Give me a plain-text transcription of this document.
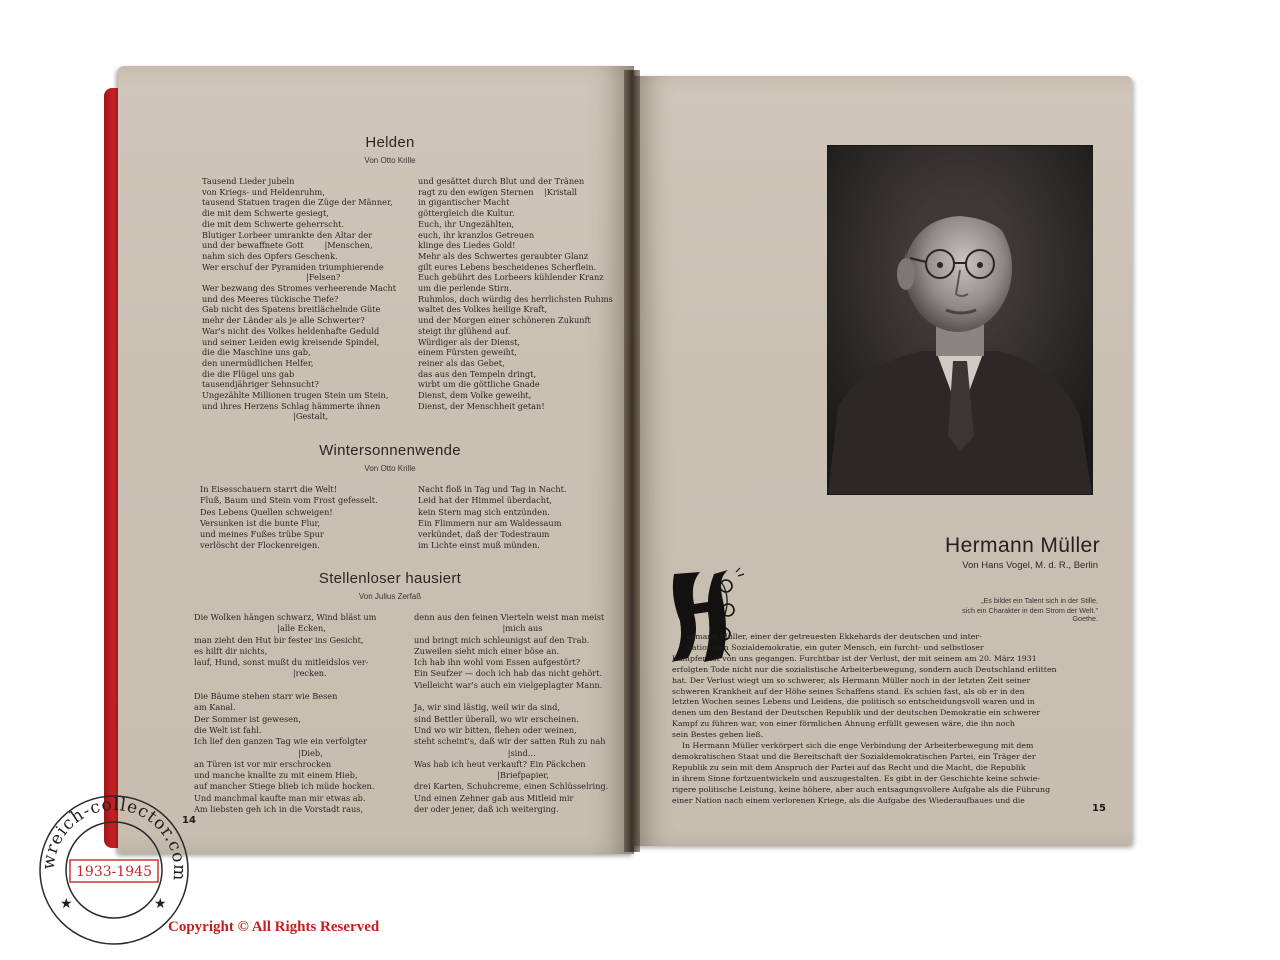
Helden
Von Otto Krille
Tausend Lieder jubeln
von Kriegs- und Heldenruhm,
tausend Statuen tragen die Züge der Männer,
die mit dem Schwerte gesiegt,
die mit dem Schwerte geherrscht.
Blutiger Lorbeer umrankte den Altar der
und der bewaffnete Gott        |Menschen,
nahm sich des Opfers Geschenk.
Wer erschuf der Pyramiden triumphierende
|Felsen?
Wer bezwang des Stromes verheerende Macht
und des Meeres tückische Tiefe?
Gab nicht des Spatens breitlächelnde Güte
mehr der Länder als je alle Schwerter?
War's nicht des Volkes heldenhafte Geduld
und seiner Leiden ewig kreisende Spindel,
die die Maschine uns gab,
den unermüdlichen Helfer,
die die Flügel uns gab
tausendjähriger Sehnsucht?
Ungezählte Millionen trugen Stein um Stein,
und ihres Herzens Schlag hämmerte ihnen
|Gestalt,
und gesättet durch Blut und der Tränen
ragt zu den ewigen Sternen    |Kristall
in gigantischer Macht
göttergleich die Kultur.
Euch, ihr Ungezählten,
euch, ihr kranzlos Getreuen
klinge des Liedes Gold!
Mehr als des Schwertes geraubter Glanz
gilt eures Lebens bescheidenes Scherflein.
Euch gebührt des Lorbeers kühlender Kranz
um die perlende Stirn.
Ruhmlos, doch würdig des herrlichsten Ruhms
waltet des Volkes heilige Kraft,
und der Morgen einer schöneren Zukunft
steigt ihr glühend auf.
Würdiger als der Dienst,
einem Fürsten geweiht,
reiner als das Gebet,
das aus den Tempeln dringt,
wirbt um die göttliche Gnade
Dienst, dem Volke geweiht,
Dienst, der Menschheit getan!
Wintersonnenwende
Von Otto Krille
In Eisesschauern starrt die Welt!
Fluß, Baum und Stein vom Frost gefesselt.
Des Lebens Quellen schweigen!
Versunken ist die bunte Flur,
und meines Fußes trübe Spur
verlöscht der Flockenreigen.
Nacht floß in Tag und Tag in Nacht.
Leid hat der Himmel überdacht,
kein Stern mag sich entzünden.
Ein Flimmern nur am Waldessaum
verkündet, daß der Todestraum
im Lichte einst muß münden.
Stellenloser hausiert
Von Julius Zerfaß
Die Wolken hängen schwarz, Wind bläst um
|alle Ecken,
man zieht den Hut bir fester ins Gesicht,
es hilft dir nichts,
lauf, Hund, sonst mußt du mitleidslos ver-
|recken.

Die Bäume stehen starr wie Besen
am Kanal.
Der Sommer ist gewesen,
die Welt ist fahl.
Ich lief den ganzen Tag wie ein verfolgter
|Dieb,
an Türen ist vor mir erschrocken
und manche knallte zu mit einem Hieb,
auf mancher Stiege blieb ich müde hocken.
Und manchmal kaufte man mir etwas ab.
Am liebsten geh ich in die Vorstadt raus,
denn aus den feinen Vierteln weist man meist
|mich aus
und bringt mich schleunigst auf den Trab.
Zuweilen sieht mich einer böse an.
Ich hab ihn wohl vom Essen aufgestört?
Ein Seufzer — doch ich hab das nicht gehört.
Vielleicht war's auch ein vielgeplagter Mann.

Ja, wir sind lästig, weil wir da sind,
sind Bettler überall, wo wir erscheinen.
Und wo wir bitten, flehen oder weinen,
steht scheint's, daß wir der satten Ruh zu nah
|sind...
Was hab ich heut verkauft? Ein Päckchen
|Briefpapier,
drei Karten, Schuhcreme, einen Schlüsselring.
Und einen Zehner gab aus Mitleid mir
der oder jener, daß ich weiterging.
14
Hermann Müller
Von Hans Vogel, M. d. R., Berlin
„Es bildet ein Talent sich in der Stille,
sich ein Charakter in dem Strom der Welt."
Goethe.
ermann Müller, einer der getreuesten Ekkehards der deutschen und inter-
nationalen Sozialdemokratie, ein guter Mensch, ein furcht- und selbstloser
Kämpfer, ist von uns gegangen. Furchtbar ist der Verlust, der mit seinem am 20. März 1931
erfolgten Tode nicht nur die sozialistische Arbeiterbewegung, sondern auch Deutschland erlitten
hat. Der Verlust wiegt um so schwerer, als Hermann Müller noch in der letzten Zeit seiner
schweren Krankheit auf der Höhe seines Schaffens stand. Es schien fast, als ob er in den
letzten Wochen seines Lebens und Leidens, die politisch so entscheidungsvoll waren und in
denen um den Bestand der Deutschen Republik und der deutschen Demokratie ein schwerer
Kampf zu führen war, von einer förmlichen Ahnung erfüllt gewesen wäre, die ihn noch
sein Bestes geben ließ.
In Hermann Müller verkörpert sich die enge Verbindung der Arbeiterbewegung mit dem
demokratischen Staat und die Bereitschaft der Sozialdemokratischen Partei, ein Träger der
Republik zu sein mit dem Anspruch der Partei auf das Recht und die Macht, die Republik
in ihrem Sinne fortzuentwickeln und auszugestalten. Es gibt in der Geschichte keine schwie-
rigere politische Leistung, keine höhere, aber auch entsagungsvollere Aufgabe als die Führung
einer Nation nach einem verlorenen Kriege, als die Aufgabe des Wiederaufbaues und die
15
wreich-collector.com
1933-1945
★	★
Copyright © All Rights Reserved
